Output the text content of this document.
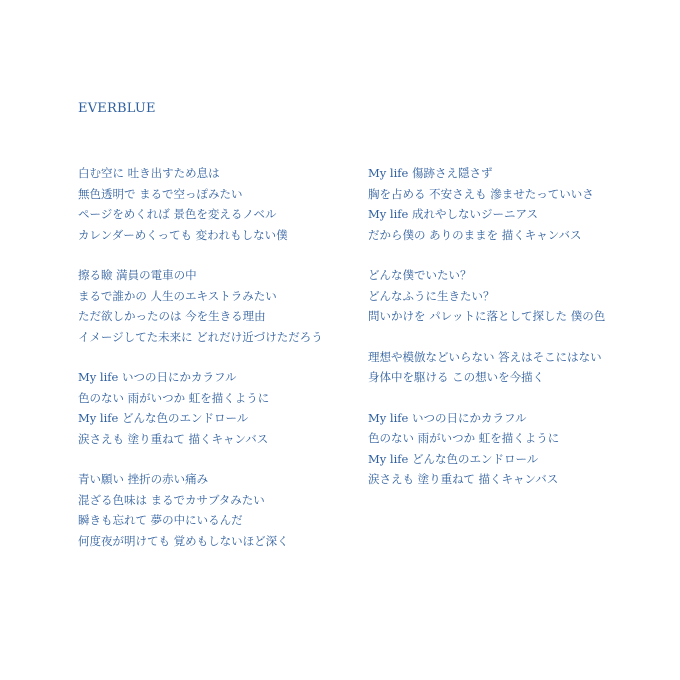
EVERBLUE
白む空に 吐き出すため息は
無色透明で まるで空っぽみたい
ページをめくれば 景色を変えるノベル
カレンダーめくっても 変われもしない僕
擦る瞼 満員の電車の中
まるで誰かの 人生のエキストラみたい
ただ欲しかったのは 今を生きる理由
イメージしてた未来に どれだけ近づけただろう
My life いつの日にかカラフル
色のない 雨がいつか 虹を描くように
My life どんな色のエンドロール
涙さえも 塗り重ねて 描くキャンバス
青い願い 挫折の赤い痛み
混ざる色味は まるでカサブタみたい
瞬きも忘れて 夢の中にいるんだ
何度夜が明けても 覚めもしないほど深く
My life 傷跡さえ隠さず
胸を占める 不安さえも 滲ませたっていいさ
My life 成れやしないジーニアス
だから僕の ありのままを 描くキャンバス
どんな僕でいたい？
どんなふうに生きたい？
問いかけを パレットに落として探した 僕の色
理想や模倣などいらない 答えはそこにはない
身体中を駆ける この想いを今描く
My life いつの日にかカラフル
色のない 雨がいつか 虹を描くように
My life どんな色のエンドロール
涙さえも 塗り重ねて 描くキャンバス
